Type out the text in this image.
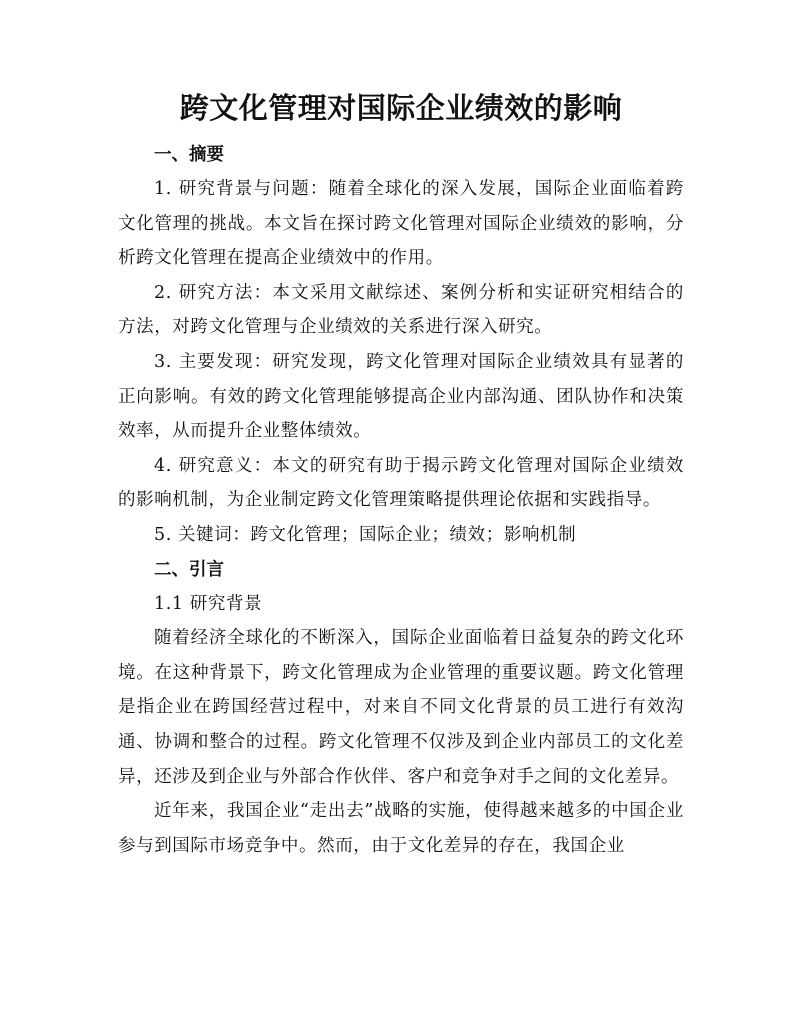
跨文化管理对国际企业绩效的影响
一、摘要

1. 研究背景与问题：随着全球化的深入发展，国际企业面临着跨文化管理的挑战。本文旨在探讨跨文化管理对国际企业绩效的影响，分析跨文化管理在提高企业绩效中的作用。

2. 研究方法：本文采用文献综述、案例分析和实证研究相结合的方法，对跨文化管理与企业绩效的关系进行深入研究。

3. 主要发现：研究发现，跨文化管理对国际企业绩效具有显著的正向影响。有效的跨文化管理能够提高企业内部沟通、团队协作和决策效率，从而提升企业整体绩效。

4. 研究意义：本文的研究有助于揭示跨文化管理对国际企业绩效的影响机制，为企业制定跨文化管理策略提供理论依据和实践指导。

5. 关键词：跨文化管理；国际企业；绩效；影响机制

二、引言

1.1 研究背景

随着经济全球化的不断深入，国际企业面临着日益复杂的跨文化环境。在这种背景下，跨文化管理成为企业管理的重要议题。跨文化管理是指企业在跨国经营过程中，对来自不同文化背景的员工进行有效沟通、协调和整合的过程。跨文化管理不仅涉及到企业内部员工的文化差异，还涉及到企业与外部合作伙伴、客户和竞争对手之间的文化差异。

近年来，我国企业“走出去”战略的实施，使得越来越多的中国企业参与到国际市场竞争中。然而，由于文化差异的存在，我国企业
